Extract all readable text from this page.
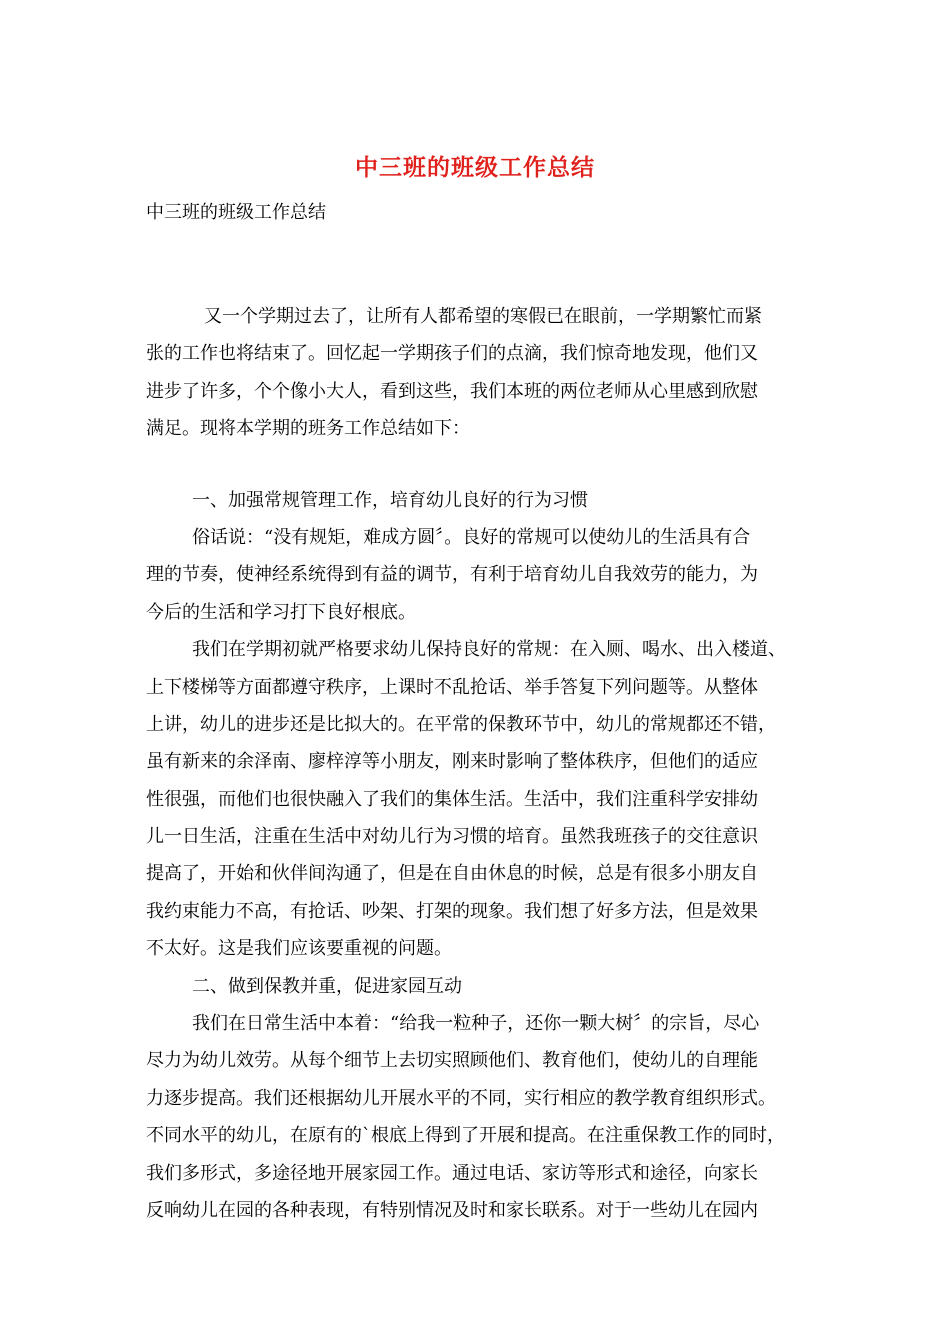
中三班的班级工作总结
中三班的班级工作总结
又一个学期过去了，让所有人都希望的寒假已在眼前，一学期繁忙而紧
张的工作也将结束了。回忆起一学期孩子们的点滴，我们惊奇地发现，他们又
进步了许多，个个像小大人，看到这些，我们本班的两位老师从心里感到欣慰
满足。现将本学期的班务工作总结如下：
一、加强常规管理工作，培育幼儿良好的行为习惯
俗话说：“没有规矩，难成方圆〞。良好的常规可以使幼儿的生活具有合
理的节奏，使神经系统得到有益的调节，有利于培育幼儿自我效劳的能力，为
今后的生活和学习打下良好根底。
我们在学期初就严格要求幼儿保持良好的常规：在入厕、喝水、出入楼道、
上下楼梯等方面都遵守秩序，上课时不乱抢话、举手答复下列问题等。从整体
上讲，幼儿的进步还是比拟大的。在平常的保教环节中，幼儿的常规都还不错，
虽有新来的余泽南、廖梓淳等小朋友，刚来时影响了整体秩序，但他们的适应
性很强，而他们也很快融入了我们的集体生活。生活中，我们注重科学安排幼
儿一日生活，注重在生活中对幼儿行为习惯的培育。虽然我班孩子的交往意识
提高了，开始和伙伴间沟通了，但是在自由休息的时候，总是有很多小朋友自
我约束能力不高，有抢话、吵架、打架的现象。我们想了好多方法，但是效果
不太好。这是我们应该要重视的问题。
二、做到保教并重，促进家园互动
我们在日常生活中本着：“给我一粒种子，还你一颗大树〞的宗旨，尽心
尽力为幼儿效劳。从每个细节上去切实照顾他们、教育他们，使幼儿的自理能
力逐步提高。我们还根据幼儿开展水平的不同，实行相应的教学教育组织形式。
不同水平的幼儿，在原有的`根底上得到了开展和提高。在注重保教工作的同时，
我们多形式，多途径地开展家园工作。通过电话、家访等形式和途径，向家长
反响幼儿在园的各种表现，有特别情况及时和家长联系。对于一些幼儿在园内
